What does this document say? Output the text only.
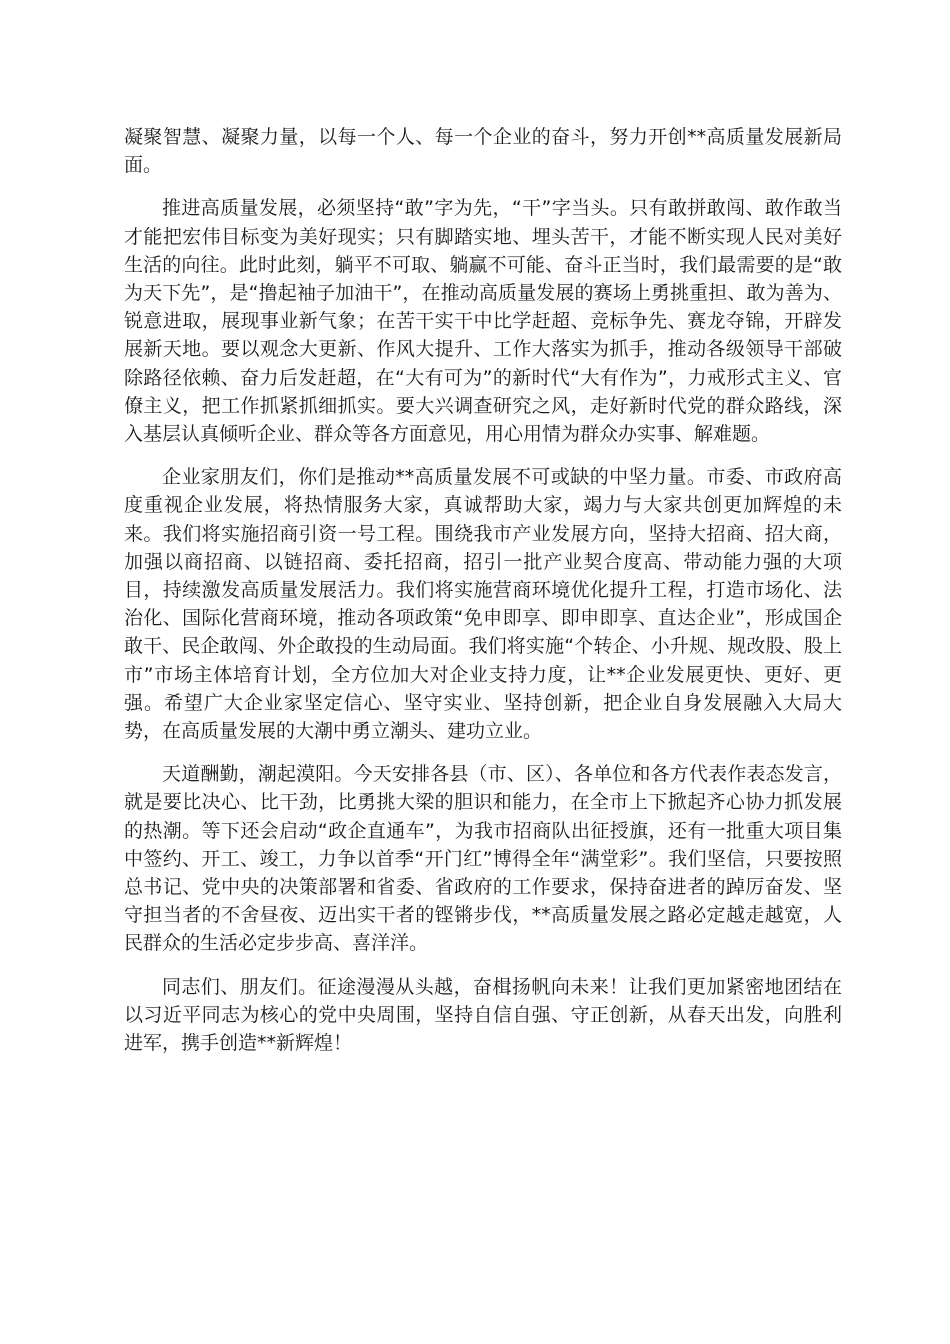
凝聚智慧、凝聚力量，以每一个人、每一个企业的奋斗，努力开创**高质量发展新局面。

推进高质量发展，必须坚持“敢”字为先，“干”字当头。只有敢拼敢闯、敢作敢当才能把宏伟目标变为美好现实；只有脚踏实地、埋头苦干，才能不断实现人民对美好生活的向往。此时此刻，躺平不可取、躺赢不可能、奋斗正当时，我们最需要的是“敢为天下先”，是“撸起袖子加油干”，在推动高质量发展的赛场上勇挑重担、敢为善为、锐意进取，展现事业新气象；在苦干实干中比学赶超、竞标争先、赛龙夺锦，开辟发展新天地。要以观念大更新、作风大提升、工作大落实为抓手，推动各级领导干部破除路径依赖、奋力后发赶超，在“大有可为”的新时代“大有作为”，力戒形式主义、官僚主义，把工作抓紧抓细抓实。要大兴调查研究之风，走好新时代党的群众路线，深入基层认真倾听企业、群众等各方面意见，用心用情为群众办实事、解难题。

企业家朋友们，你们是推动**高质量发展不可或缺的中坚力量。市委、市政府高度重视企业发展，将热情服务大家，真诚帮助大家，竭力与大家共创更加辉煌的未来。我们将实施招商引资一号工程。围绕我市产业发展方向，坚持大招商、招大商，加强以商招商、以链招商、委托招商，招引一批产业契合度高、带动能力强的大项目，持续激发高质量发展活力。我们将实施营商环境优化提升工程，打造市场化、法治化、国际化营商环境，推动各项政策“免申即享、即申即享、直达企业”，形成国企敢干、民企敢闯、外企敢投的生动局面。我们将实施“个转企、小升规、规改股、股上市”市场主体培育计划，全方位加大对企业支持力度，让**企业发展更快、更好、更强。希望广大企业家坚定信心、坚守实业、坚持创新，把企业自身发展融入大局大势，在高质量发展的大潮中勇立潮头、建功立业。

天道酬勤，潮起漠阳。今天安排各县（市、区）、各单位和各方代表作表态发言，就是要比决心、比干劲，比勇挑大梁的胆识和能力，在全市上下掀起齐心协力抓发展的热潮。等下还会启动“政企直通车”，为我市招商队出征授旗，还有一批重大项目集中签约、开工、竣工，力争以首季“开门红”博得全年“满堂彩”。我们坚信，只要按照总书记、党中央的决策部署和省委、省政府的工作要求，保持奋进者的踔厉奋发、坚守担当者的不舍昼夜、迈出实干者的铿锵步伐，**高质量发展之路必定越走越宽，人民群众的生活必定步步高、喜洋洋。

同志们、朋友们。征途漫漫从头越，奋楫扬帆向未来！让我们更加紧密地团结在以习近平同志为核心的党中央周围，坚持自信自强、守正创新，从春天出发，向胜利进军，携手创造**新辉煌！
